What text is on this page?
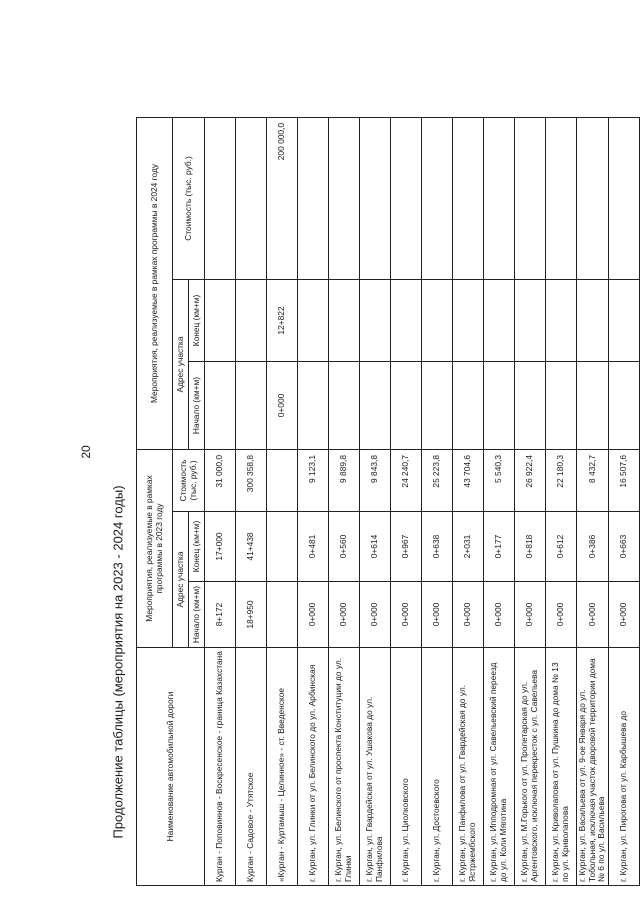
20
Продолжение таблицы (мероприятия на 2023 - 2024 годы)	Наименование автомобильной дороги	Мероприятия, реализуемые в рамках программы в 2023 году			Мероприятия, реализуемые в рамках программы в 2024 году		
	Адрес участка		Стоимость (тыс. руб.)	Адрес участка		Стоимость (тыс. руб.)
	Начало (км+м)	Конец (км+м)		Начало (км+м)	Конец (км+м)	
Курган - Поповиннов - Воскресенское - граница Казахстана	8+172	17+000	31 000,0			
Курган - Садовое - Утятское	18+950	41+438	300 358,8			
«Курган - Куртамыш - Целинное» - ст. Введенское				0+000	12+822	200 000,0
г. Курган, ул. Глинки от ул. Белинского до ул. Арбинская	0+000	0+481	9 123,1			
г. Курган, ул. Белинского от проспекта Конституции до ул. Глинки	0+000	0+560	9 889,8			
г. Курган, ул. Гвардейская от ул. Ушакова до ул. Панфилова	0+000	0+614	9 843,8			
г. Курган, ул. Циолковского	0+000	0+967	24 240,7			
г. Курган, ул. Достоевского	0+000	0+638	25 223,8			
г. Курган, ул. Панфилова от ул. Гвардейская до ул. Ястржембского	0+000	2+031	43 704,6			
г. Курган, ул. Ипподромная от ул. Савельевский переезд до ул. Коли Мяготина	0+000	0+177	5 540,3			
г. Курган, ул. М.Горького от ул. Пролетарская до ул. Аргентовского, исключая перекресток с ул. Савельева	0+000	0+818	26 922,4			
г. Курган, ул. Криволапова от ул. Пушкина до дома № 13 по ул. Криволапова	0+000	0+612	22 180,3			
г. Курган, ул. Васильева от ул. 9-ое Января до ул. Тобольная, исключая участок дворовой территории дома № 6 по ул. Васильева	0+000	0+386	8 432,7			
г. Курган, ул. Пирогова от ул. Карбышева до	0+000	0+663	16 507,6			
